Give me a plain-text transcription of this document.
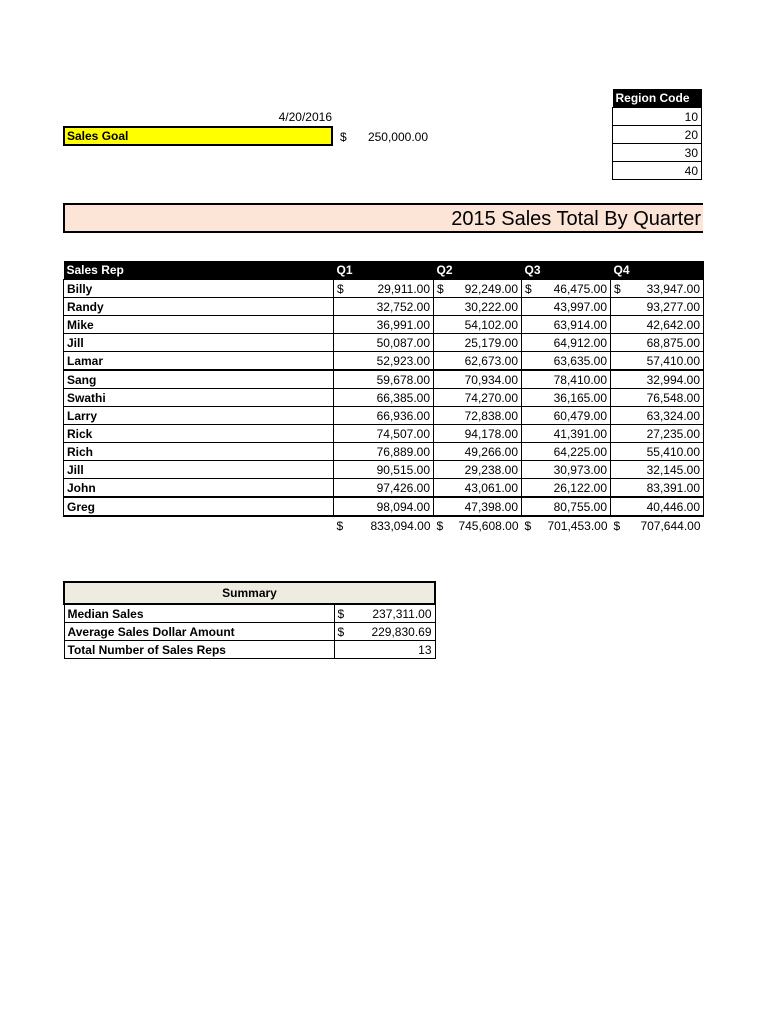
4/20/2016
Sales Goal	$	250,000.00
Region Code
10
20
30
40
2015 Sales Total By Quarter
Sales Rep	Q1	Q2	Q3	Q4
Billy	$ 29,911.00	$ 92,249.00	$ 46,475.00	$ 33,947.00

Randy	32,752.00	30,222.00	43,997.00	93,277.00

Mike	36,991.00	54,102.00	63,914.00	42,642.00

Jill	50,087.00	25,179.00	64,912.00	68,875.00

Lamar	52,923.00	62,673.00	63,635.00	57,410.00

Sang	59,678.00	70,934.00	78,410.00	32,994.00

Swathi	66,385.00	74,270.00	36,165.00	76,548.00

Larry	66,936.00	72,838.00	60,479.00	63,324.00

Rick	74,507.00	94,178.00	41,391.00	27,235.00

Rich	76,889.00	49,266.00	64,225.00	55,410.00

Jill	90,515.00	29,238.00	30,973.00	32,145.00

John	97,426.00	43,061.00	26,122.00	83,391.00

Greg	98,094.00	47,398.00	80,755.00	40,446.00

	$ 833,094.00	$ 745,608.00	$ 701,453.00	$ 707,644.00
Summary	
Median Sales	$ 237,311.00

Average Sales Dollar Amount	$ 229,830.69

Total Number of Sales Reps	13
